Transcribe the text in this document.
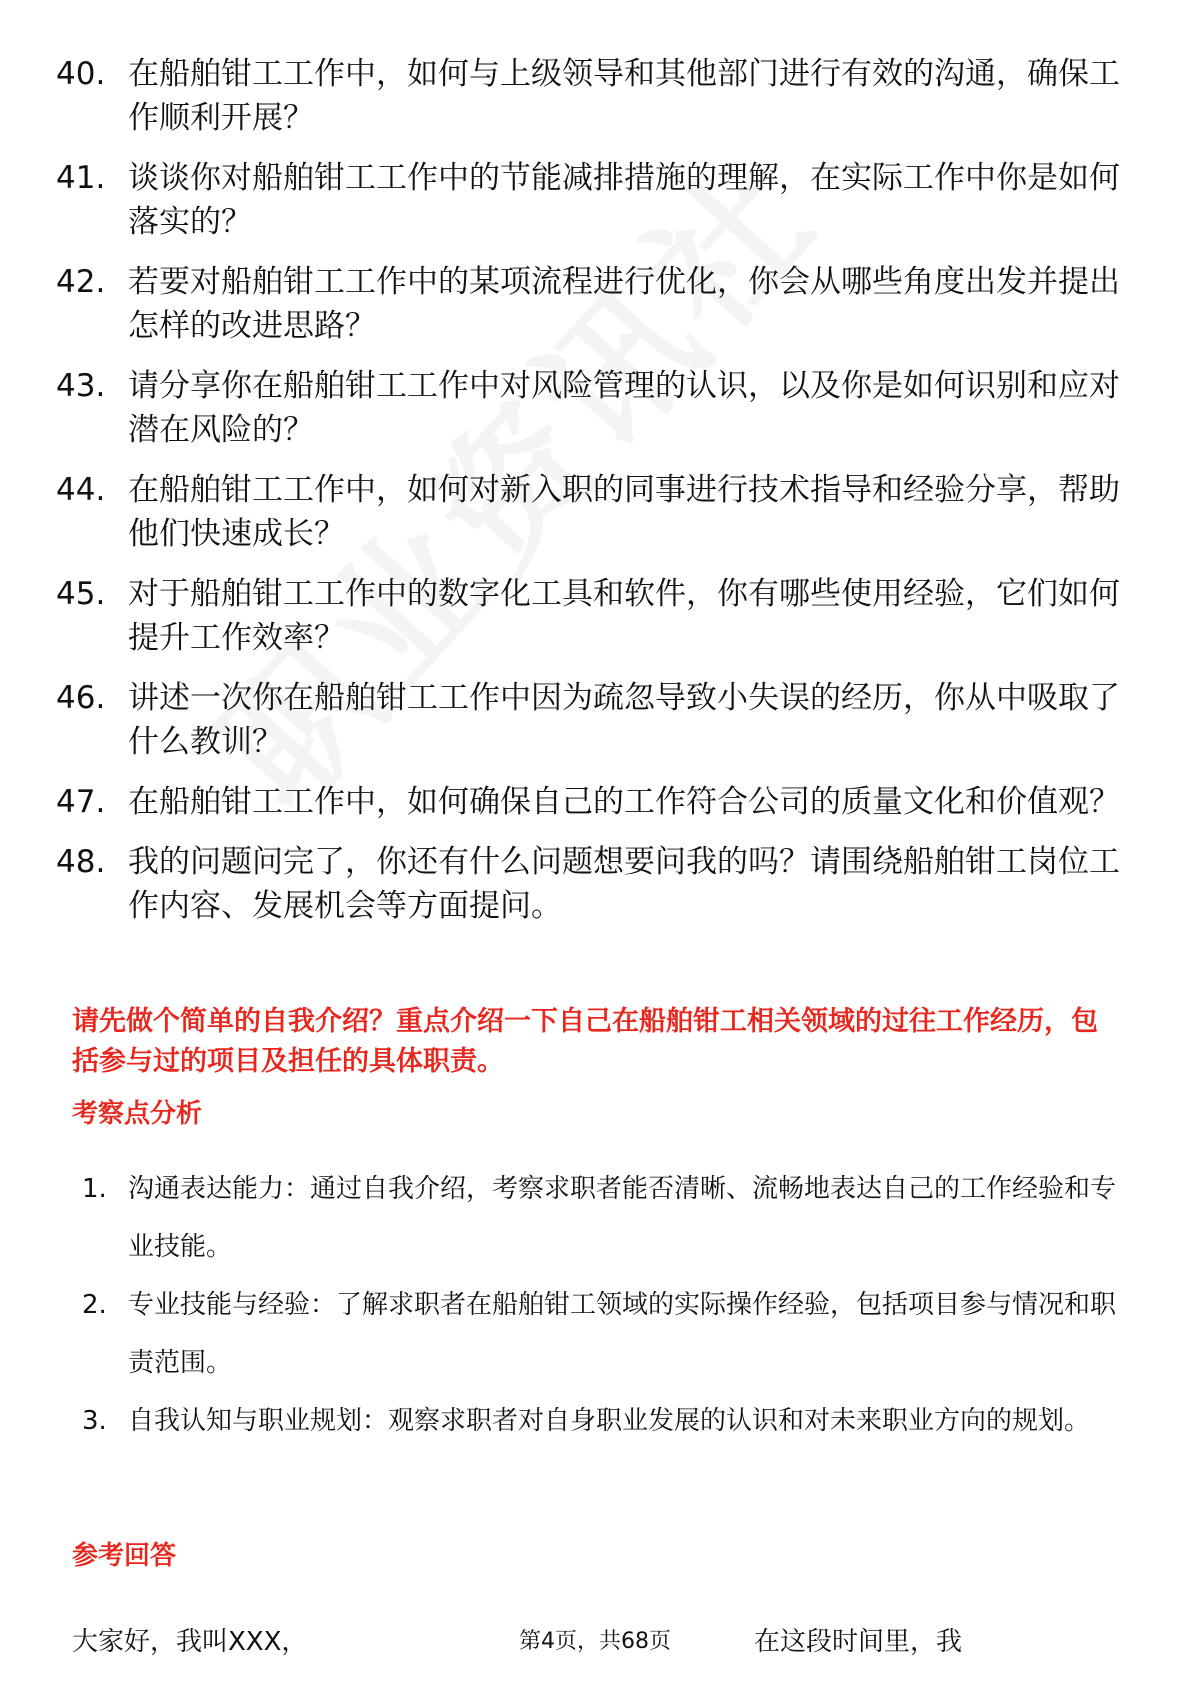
40. 在船舶钳工工作中，如何与上级领导和其他部门进行有效的沟通，确保工作顺利开展？
41. 谈谈你对船舶钳工工作中的节能减排措施的理解，在实际工作中你是如何落实的？
42. 若要对船舶钳工工作中的某项流程进行优化，你会从哪些角度出发并提出怎样的改进思路？
43. 请分享你在船舶钳工工作中对风险管理的认识，以及你是如何识别和应对潜在风险的？
44. 在船舶钳工工作中，如何对新入职的同事进行技术指导和经验分享，帮助他们快速成长？
45. 对于船舶钳工工作中的数字化工具和软件，你有哪些使用经验，它们如何提升工作效率？
46. 讲述一次你在船舶钳工工作中因为疏忽导致小失误的经历，你从中吸取了什么教训？
47. 在船舶钳工工作中，如何确保自己的工作符合公司的质量文化和价值观？
48. 我的问题问完了，你还有什么问题想要问我的吗？请围绕船舶钳工岗位工作内容、发展机会等方面提问。
请先做个简单的自我介绍？重点介绍一下自己在船舶钳工相关领域的过往工作经历，包括参与过的项目及担任的具体职责。
考察点分析
1. 沟通表达能力：通过自我介绍，考察求职者能否清晰、流畅地表达自己的工作经验和专业技能。
2. 专业技能与经验：了解求职者在船舶钳工领域的实际操作经验，包括项目参与情况和职责范围。
3. 自我认知与职业规划：观察求职者对自身职业发展的认识和对未来职业方向的规划。
参考回答
大家好，我叫XXX，	在这段时间里，我
第4页，共68页
